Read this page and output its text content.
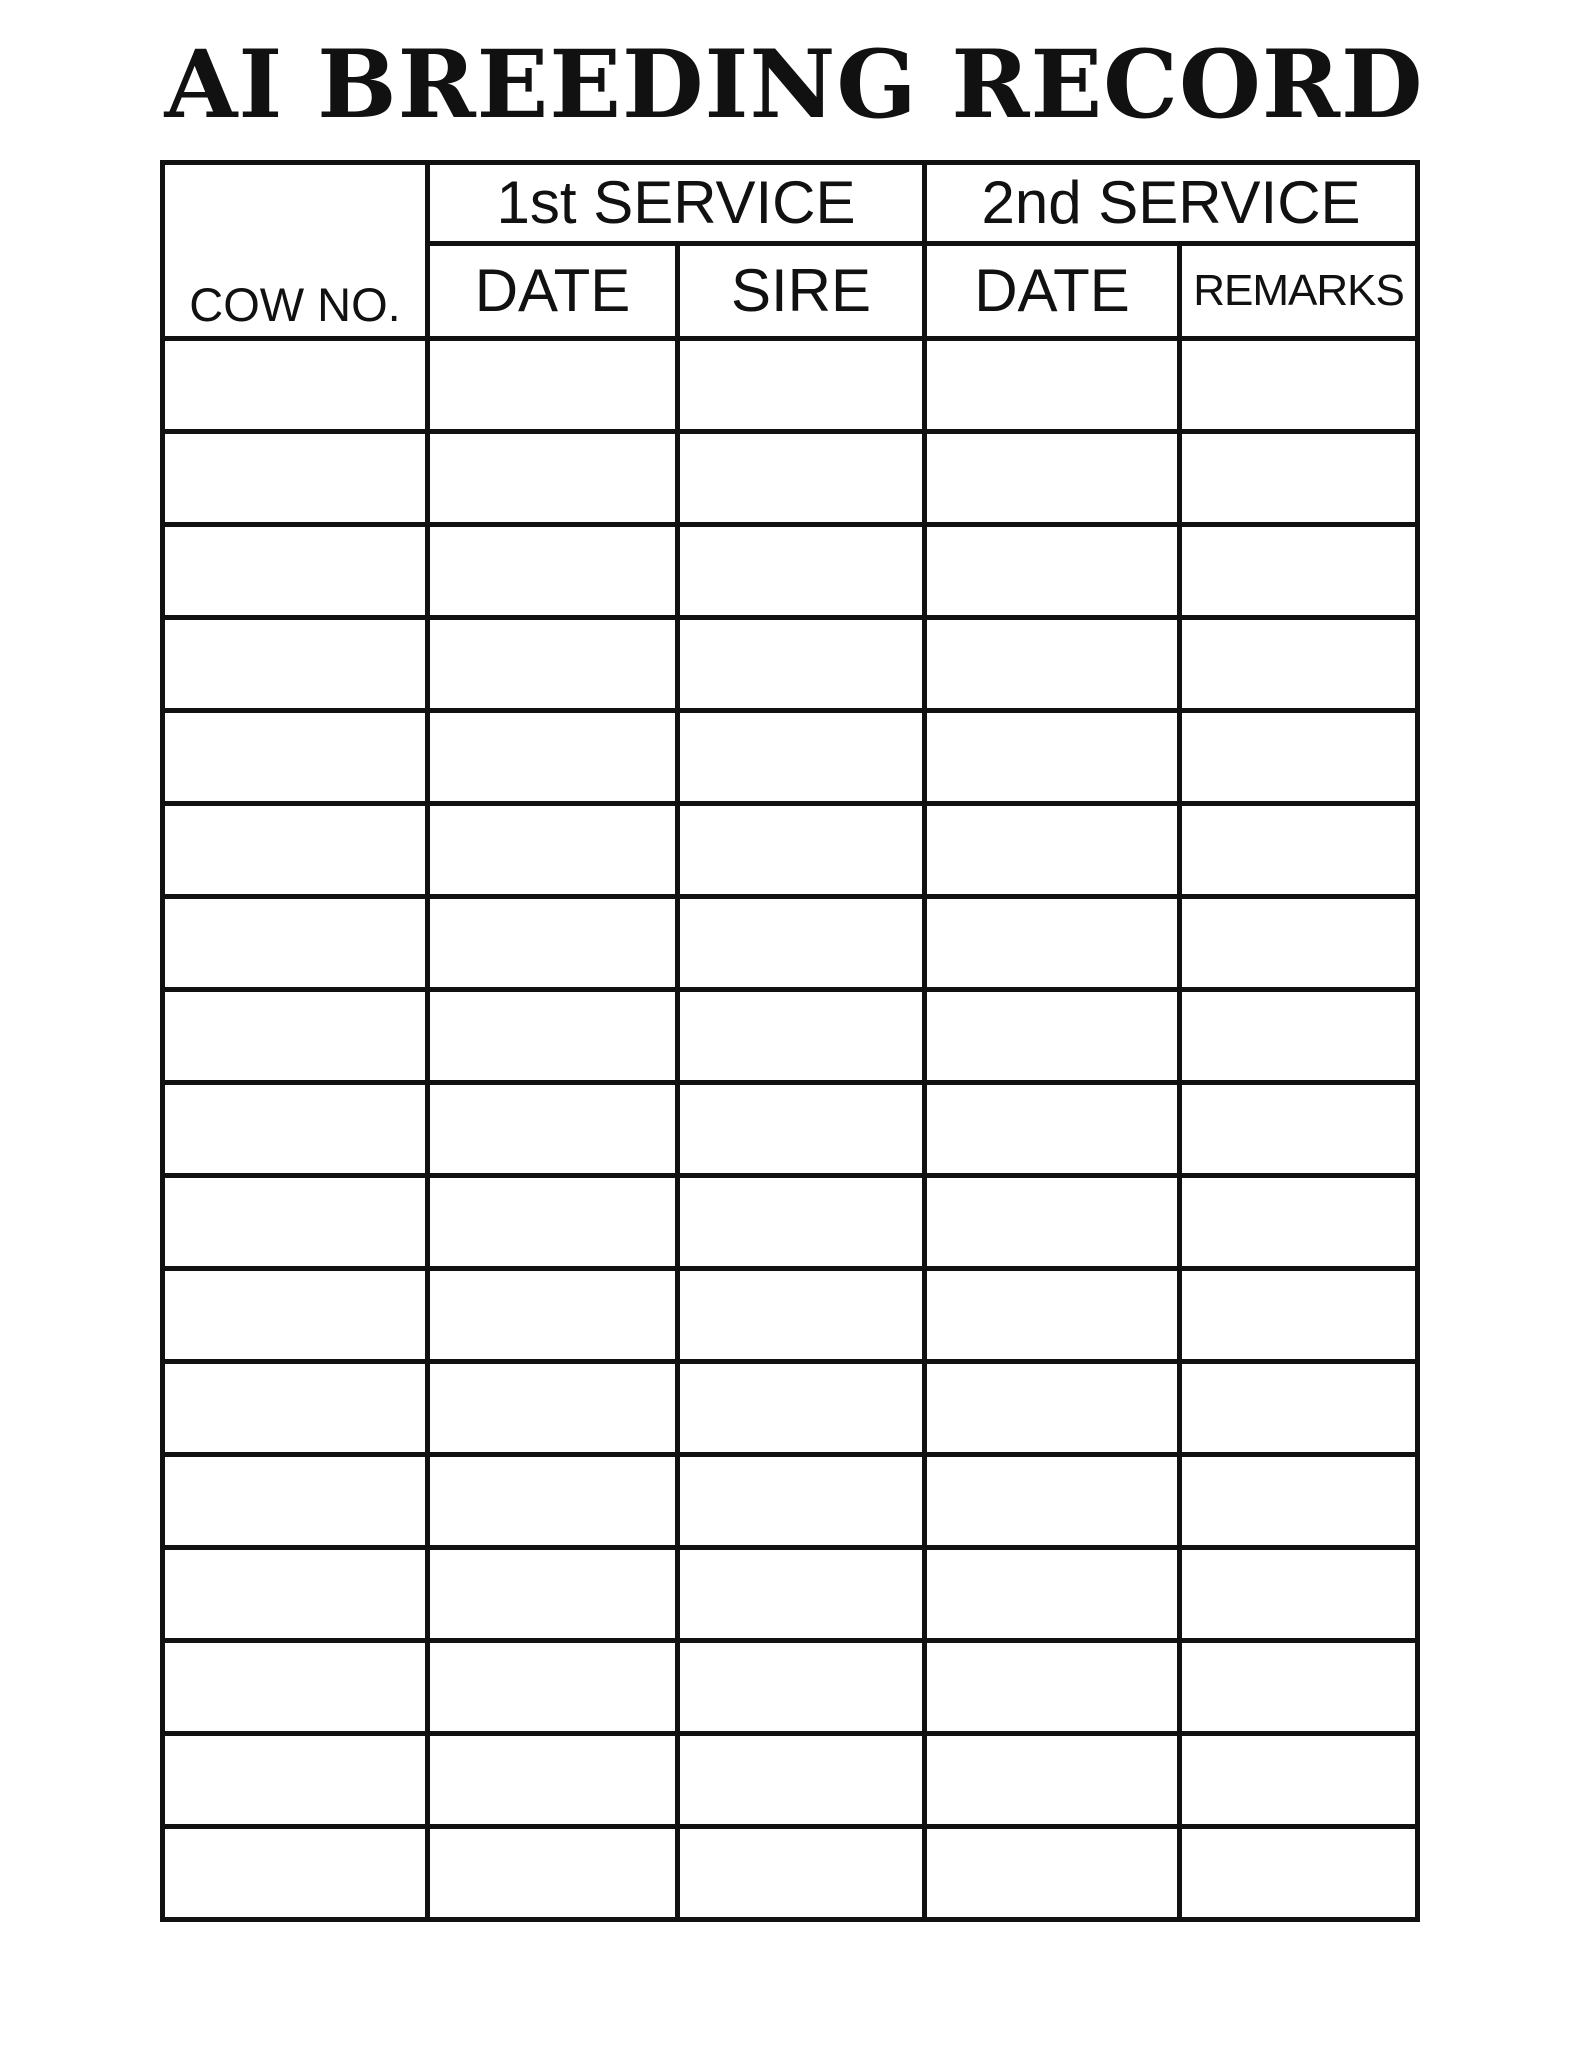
AI BREEDING RECORD
	1st SERVICE		2nd SERVICE	
COW NO.	DATE	SIRE	DATE	REMARKS
